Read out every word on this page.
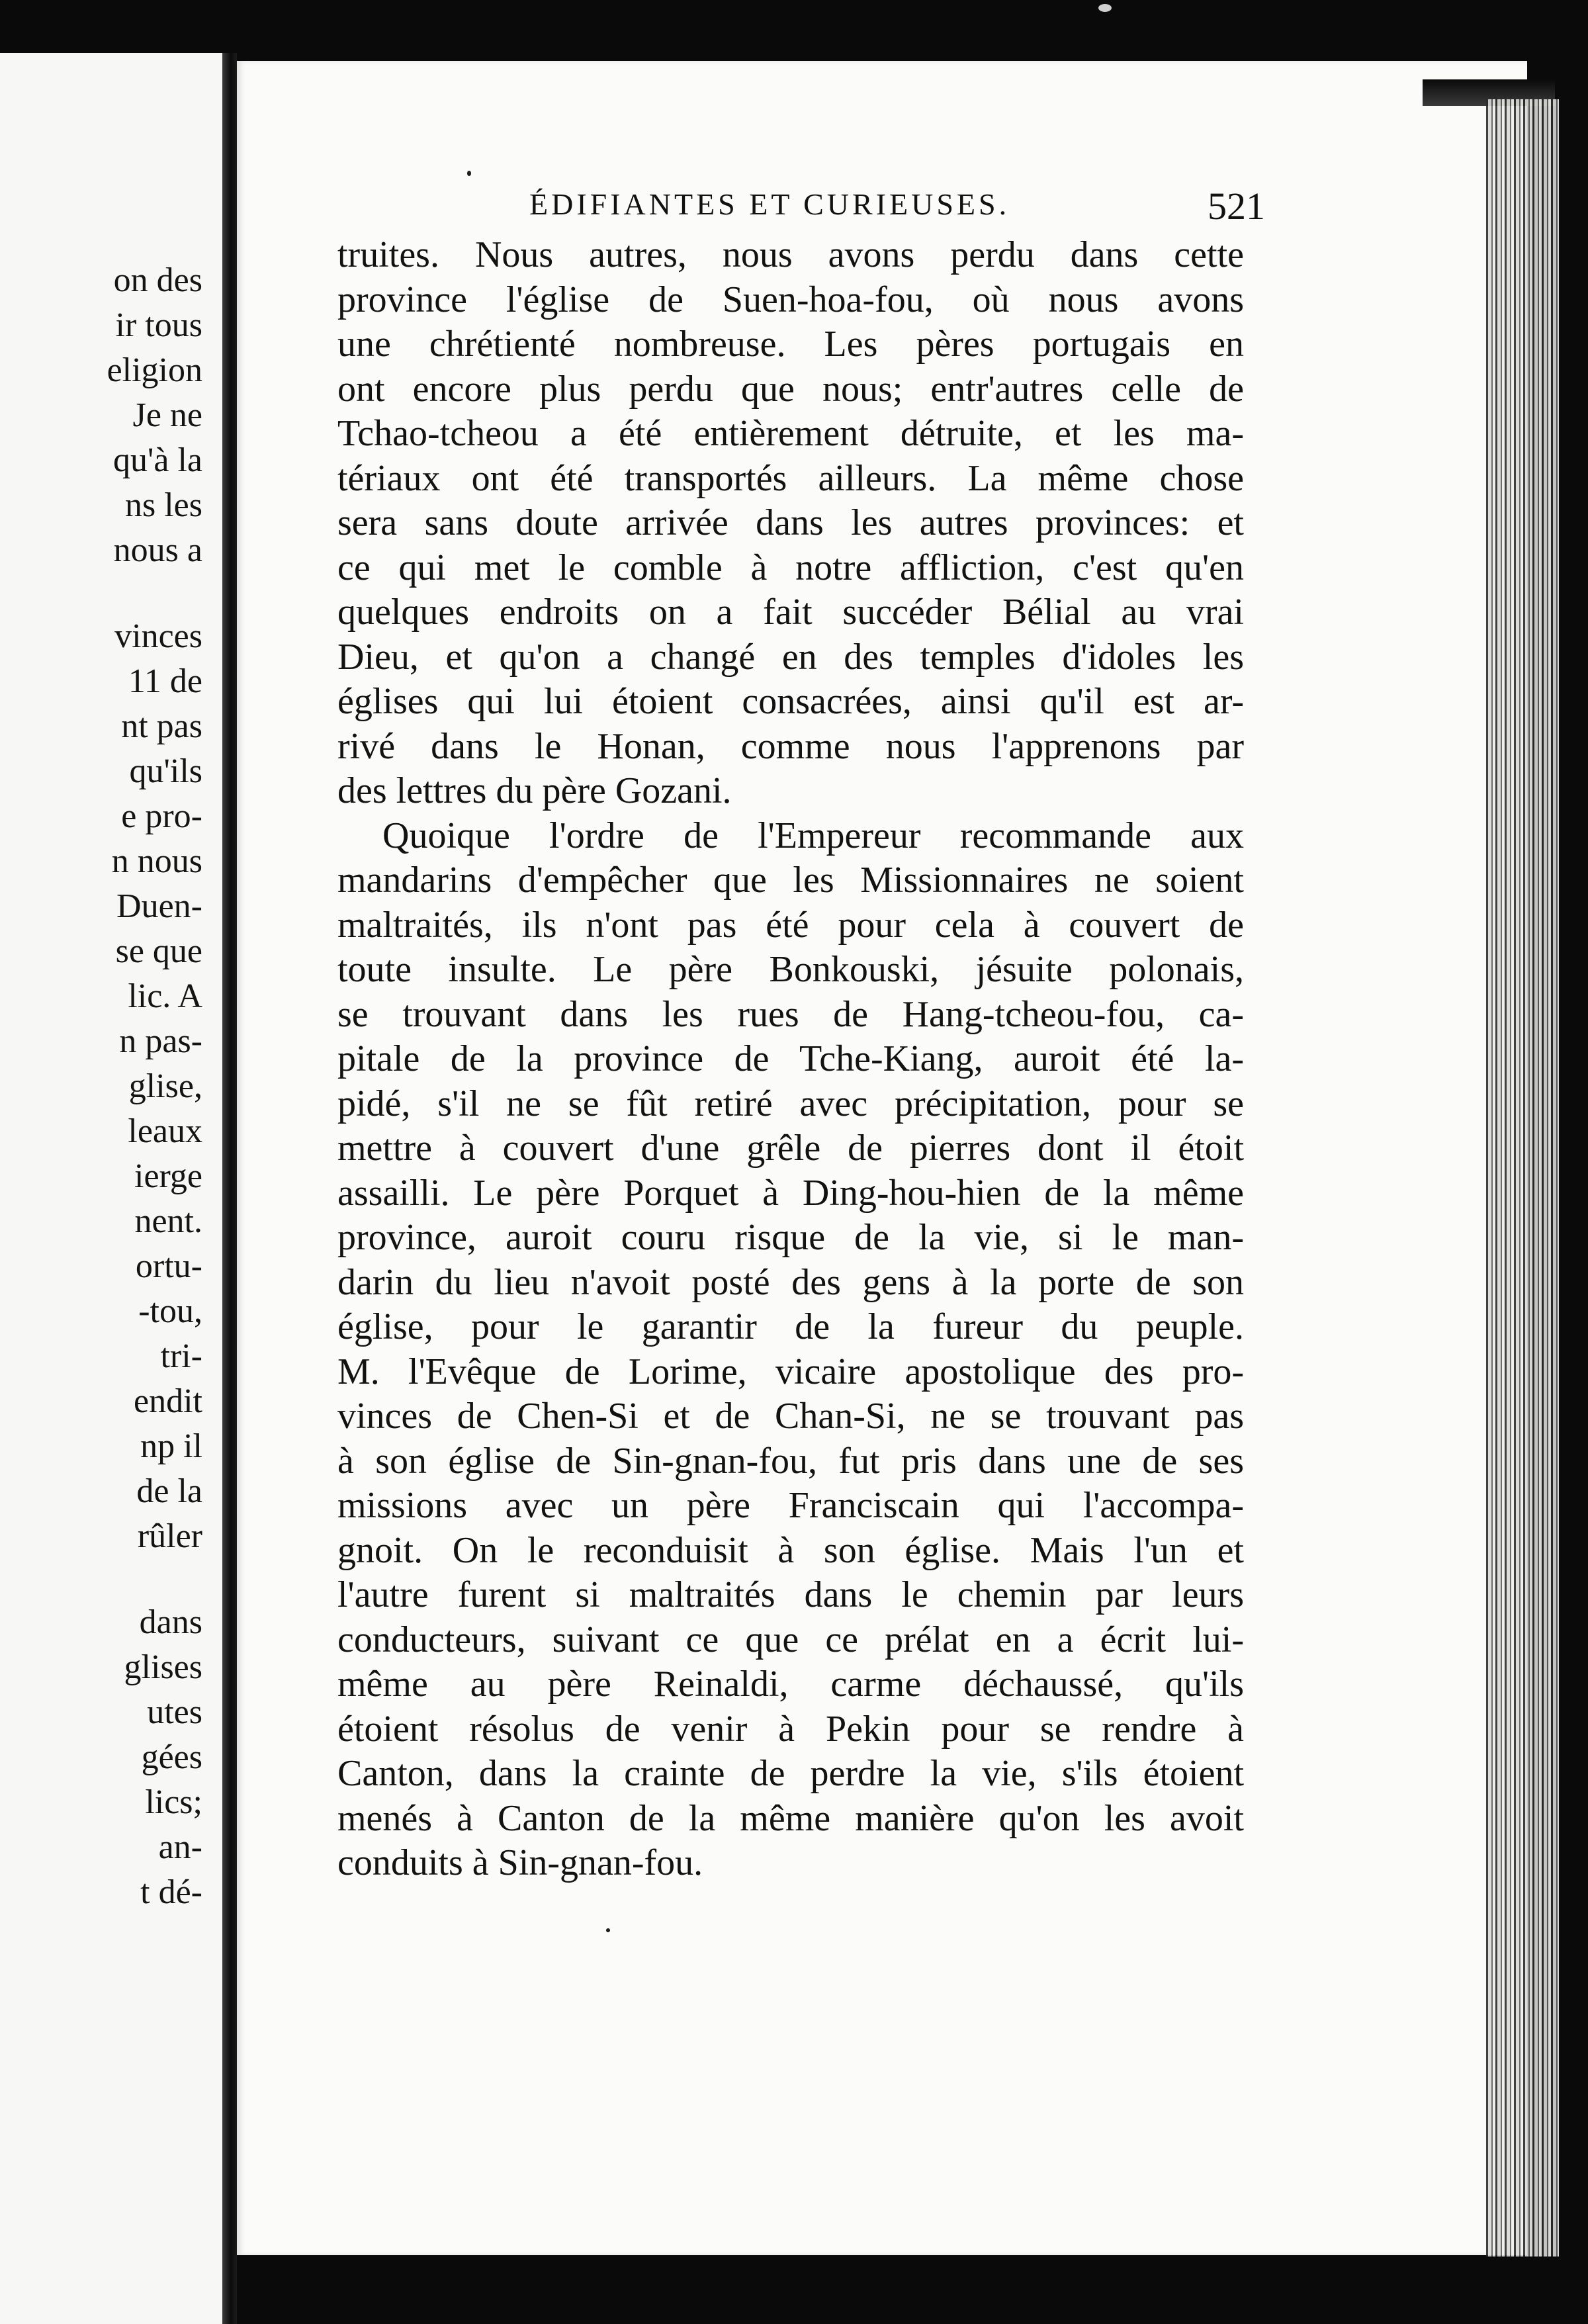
on des
ir tous
eligion
Je ne
qu'à la
ns les
nous a
vinces
11 de
nt pas
qu'ils
e pro-
n nous
Duen-
se que
lic. A
n pas-
glise,
leaux
ierge
nent.
ortu-
-tou,
tri-
endit
np il
de la
rûler
dans
glises
utes
gées
lics;
an-
t dé-
ÉDIFIANTES ET CURIEUSES.	521
truites. Nous autres, nous avons perdu dans cette
province l'église de Suen-hoa-fou, où nous avons
une chrétienté nombreuse. Les pères portugais en
ont encore plus perdu que nous; entr'autres celle de
Tchao-tcheou a été entièrement détruite, et les ma-
tériaux ont été transportés ailleurs. La même chose
sera sans doute arrivée dans les autres provinces: et
ce qui met le comble à notre affliction, c'est qu'en
quelques endroits on a fait succéder Bélial au vrai
Dieu, et qu'on a changé en des temples d'idoles les
églises qui lui étoient consacrées, ainsi qu'il est ar-
rivé dans le Honan, comme nous l'apprenons par
des lettres du père Gozani.
Quoique l'ordre de l'Empereur recommande aux
mandarins d'empêcher que les Missionnaires ne soient
maltraités, ils n'ont pas été pour cela à couvert de
toute insulte. Le père Bonkouski, jésuite polonais,
se trouvant dans les rues de Hang-tcheou-fou, ca-
pitale de la province de Tche-Kiang, auroit été la-
pidé, s'il ne se fût retiré avec précipitation, pour se
mettre à couvert d'une grêle de pierres dont il étoit
assailli. Le père Porquet à Ding-hou-hien de la même
province, auroit couru risque de la vie, si le man-
darin du lieu n'avoit posté des gens à la porte de son
église, pour le garantir de la fureur du peuple.
M. l'Evêque de Lorime, vicaire apostolique des pro-
vinces de Chen-Si et de Chan-Si, ne se trouvant pas
à son église de Sin-gnan-fou, fut pris dans une de ses
missions avec un père Franciscain qui l'accompa-
gnoit. On le reconduisit à son église. Mais l'un et
l'autre furent si maltraités dans le chemin par leurs
conducteurs, suivant ce que ce prélat en a écrit lui-
même au père Reinaldi, carme déchaussé, qu'ils
étoient résolus de venir à Pekin pour se rendre à
Canton, dans la crainte de perdre la vie, s'ils étoient
menés à Canton de la même manière qu'on les avoit
conduits à Sin-gnan-fou.
